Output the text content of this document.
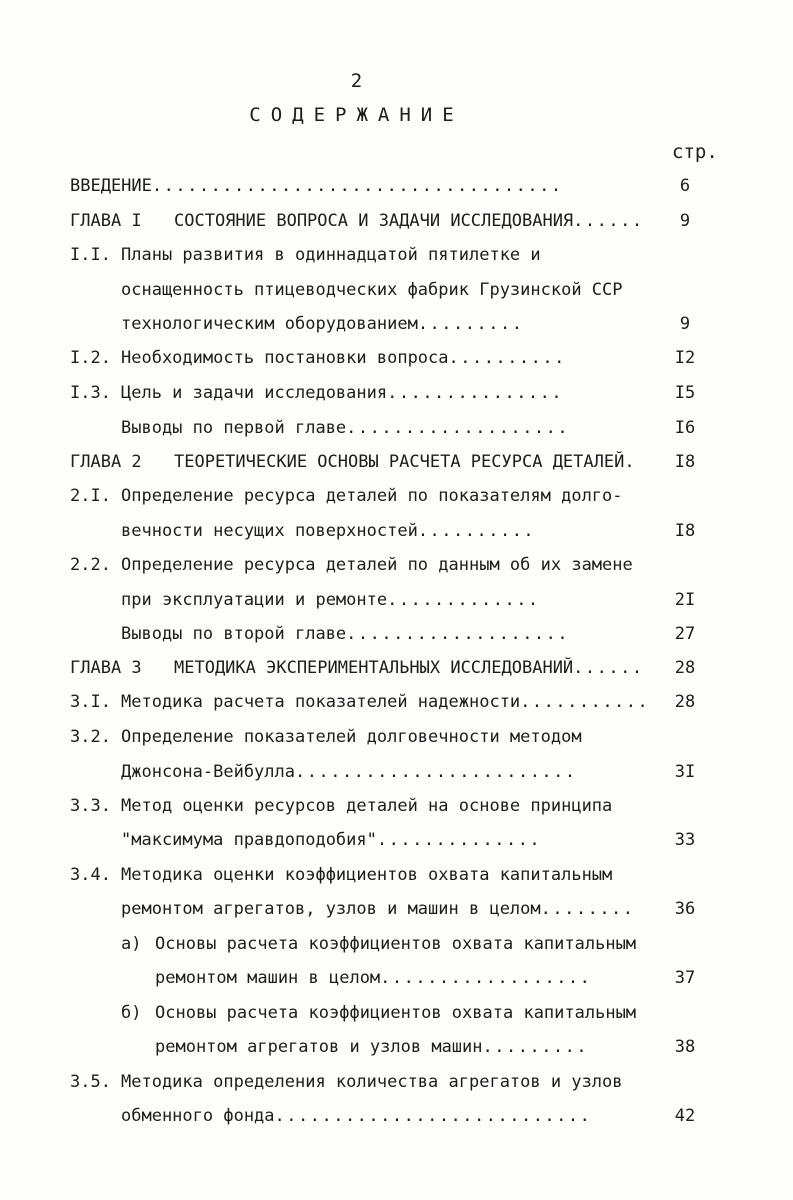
2
СОДЕРЖАНИЕ
стр.
ВВЕДЕНИЕ...................................	6
ГЛАВА I СОСТОЯНИЕ ВОПРОСА И ЗАДАЧИ ИССЛЕДОВАНИЯ......	9
I.I. Планы развития в одиннадцатой пятилетке и
оснащенность птицеводческих фабрик Грузинской ССР
технологическим оборудованием.........	9
I.2. Необходимость постановки вопроса..........	I2
I.3. Цель и задачи исследования...............	I5
Выводы по первой главе...................	I6
ГЛАВА 2 ТЕОРЕТИЧЕСКИЕ ОСНОВЫ РАСЧЕТА РЕСУРСА ДЕТАЛЕЙ.	I8
2.I. Определение ресурса деталей по показателям долго-
вечности несущих поверхностей..........	I8
2.2. Определение ресурса деталей по данным об их замене
при эксплуатации и ремонте.............	2I
Выводы по второй главе...................	27
ГЛАВА 3 МЕТОДИКА ЭКСПЕРИМЕНТАЛЬНЫХ ИССЛЕДОВАНИЙ......	28
3.I. Методика расчета показателей надежности...........	28
3.2. Определение показателей долговечности методом
Джонсона-Вейбулла........................	3I
3.3. Метод оценки ресурсов деталей на основе принципа
"максимума правдоподобия"..............	33
3.4. Методика оценки коэффициентов охвата капитальным
ремонтом агрегатов, узлов и машин в целом........	36
а) Основы расчета коэффициентов охвата капитальным
ремонтом машин в целом..................	37
б) Основы расчета коэффициентов охвата капитальным
ремонтом агрегатов и узлов машин.........	38
3.5. Методика определения количества агрегатов и узлов
обменного фонда...........................	42
